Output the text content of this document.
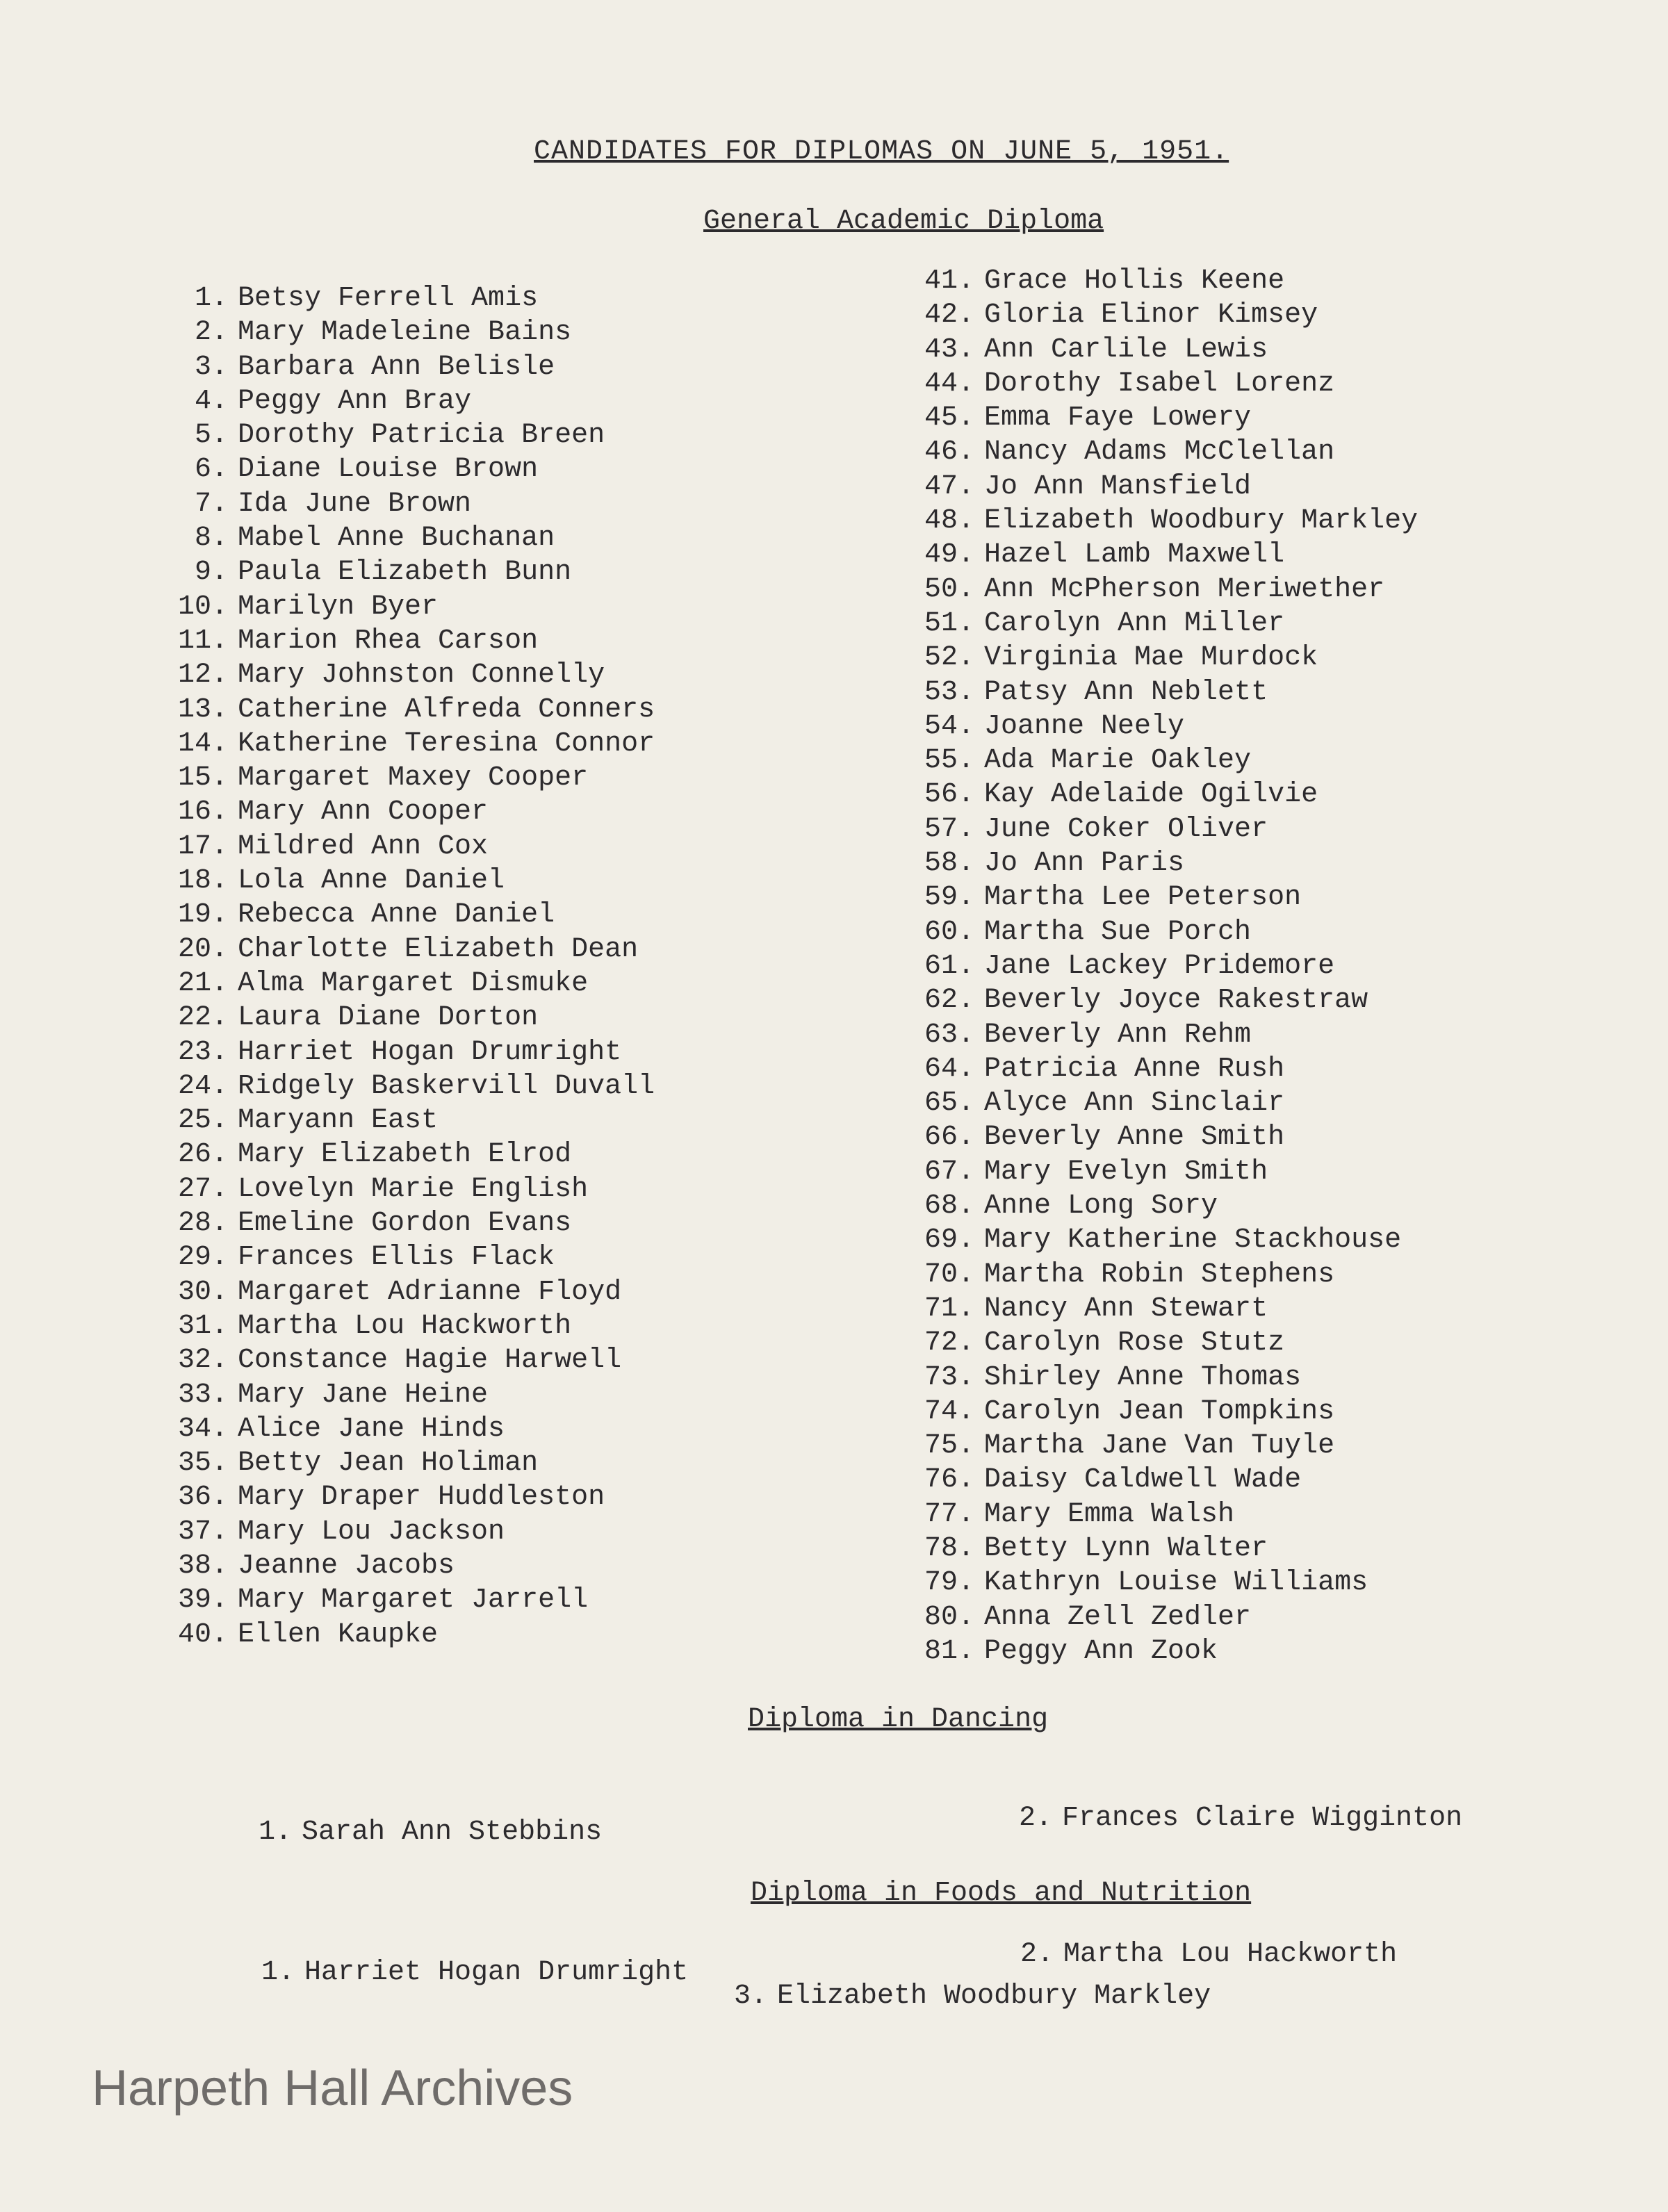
CANDIDATES FOR DIPLOMAS ON JUNE 5, 1951.
General Academic Diploma
1. Betsy Ferrell Amis
2. Mary Madeleine Bains
3. Barbara Ann Belisle
4. Peggy Ann Bray
5. Dorothy Patricia Breen
6. Diane Louise Brown
7. Ida June Brown
8. Mabel Anne Buchanan
9. Paula Elizabeth Bunn
10. Marilyn Byer
11. Marion Rhea Carson
12. Mary Johnston Connelly
13. Catherine Alfreda Conners
14. Katherine Teresina Connor
15. Margaret Maxey Cooper
16. Mary Ann Cooper
17. Mildred Ann Cox
18. Lola Anne Daniel
19. Rebecca Anne Daniel
20. Charlotte Elizabeth Dean
21. Alma Margaret Dismuke
22. Laura Diane Dorton
23. Harriet Hogan Drumright
24. Ridgely Baskervill Duvall
25. Maryann East
26. Mary Elizabeth Elrod
27. Lovelyn Marie English
28. Emeline Gordon Evans
29. Frances Ellis Flack
30. Margaret Adrianne Floyd
31. Martha Lou Hackworth
32. Constance Hagie Harwell
33. Mary Jane Heine
34. Alice Jane Hinds
35. Betty Jean Holiman
36. Mary Draper Huddleston
37. Mary Lou Jackson
38. Jeanne Jacobs
39. Mary Margaret Jarrell
40. Ellen Kaupke
41. Grace Hollis Keene
42. Gloria Elinor Kimsey
43. Ann Carlile Lewis
44. Dorothy Isabel Lorenz
45. Emma Faye Lowery
46. Nancy Adams McClellan
47. Jo Ann Mansfield
48. Elizabeth Woodbury Markley
49. Hazel Lamb Maxwell
50. Ann McPherson Meriwether
51. Carolyn Ann Miller
52. Virginia Mae Murdock
53. Patsy Ann Neblett
54. Joanne Neely
55. Ada Marie Oakley
56. Kay Adelaide Ogilvie
57. June Coker Oliver
58. Jo Ann Paris
59. Martha Lee Peterson
60. Martha Sue Porch
61. Jane Lackey Pridemore
62. Beverly Joyce Rakestraw
63. Beverly Ann Rehm
64. Patricia Anne Rush
65. Alyce Ann Sinclair
66. Beverly Anne Smith
67. Mary Evelyn Smith
68. Anne Long Sory
69. Mary Katherine Stackhouse
70. Martha Robin Stephens
71. Nancy Ann Stewart
72. Carolyn Rose Stutz
73. Shirley Anne Thomas
74. Carolyn Jean Tompkins
75. Martha Jane Van Tuyle
76. Daisy Caldwell Wade
77. Mary Emma Walsh
78. Betty Lynn Walter
79. Kathryn Louise Williams
80. Anna Zell Zedler
81. Peggy Ann Zook
Diploma in Dancing
1. Sarah Ann Stebbins	2. Frances Claire Wigginton
Diploma in Foods and Nutrition
1. Harriet Hogan Drumright
2. Martha Lou Hackworth
3. Elizabeth Woodbury Markley
Harpeth Hall Archives
